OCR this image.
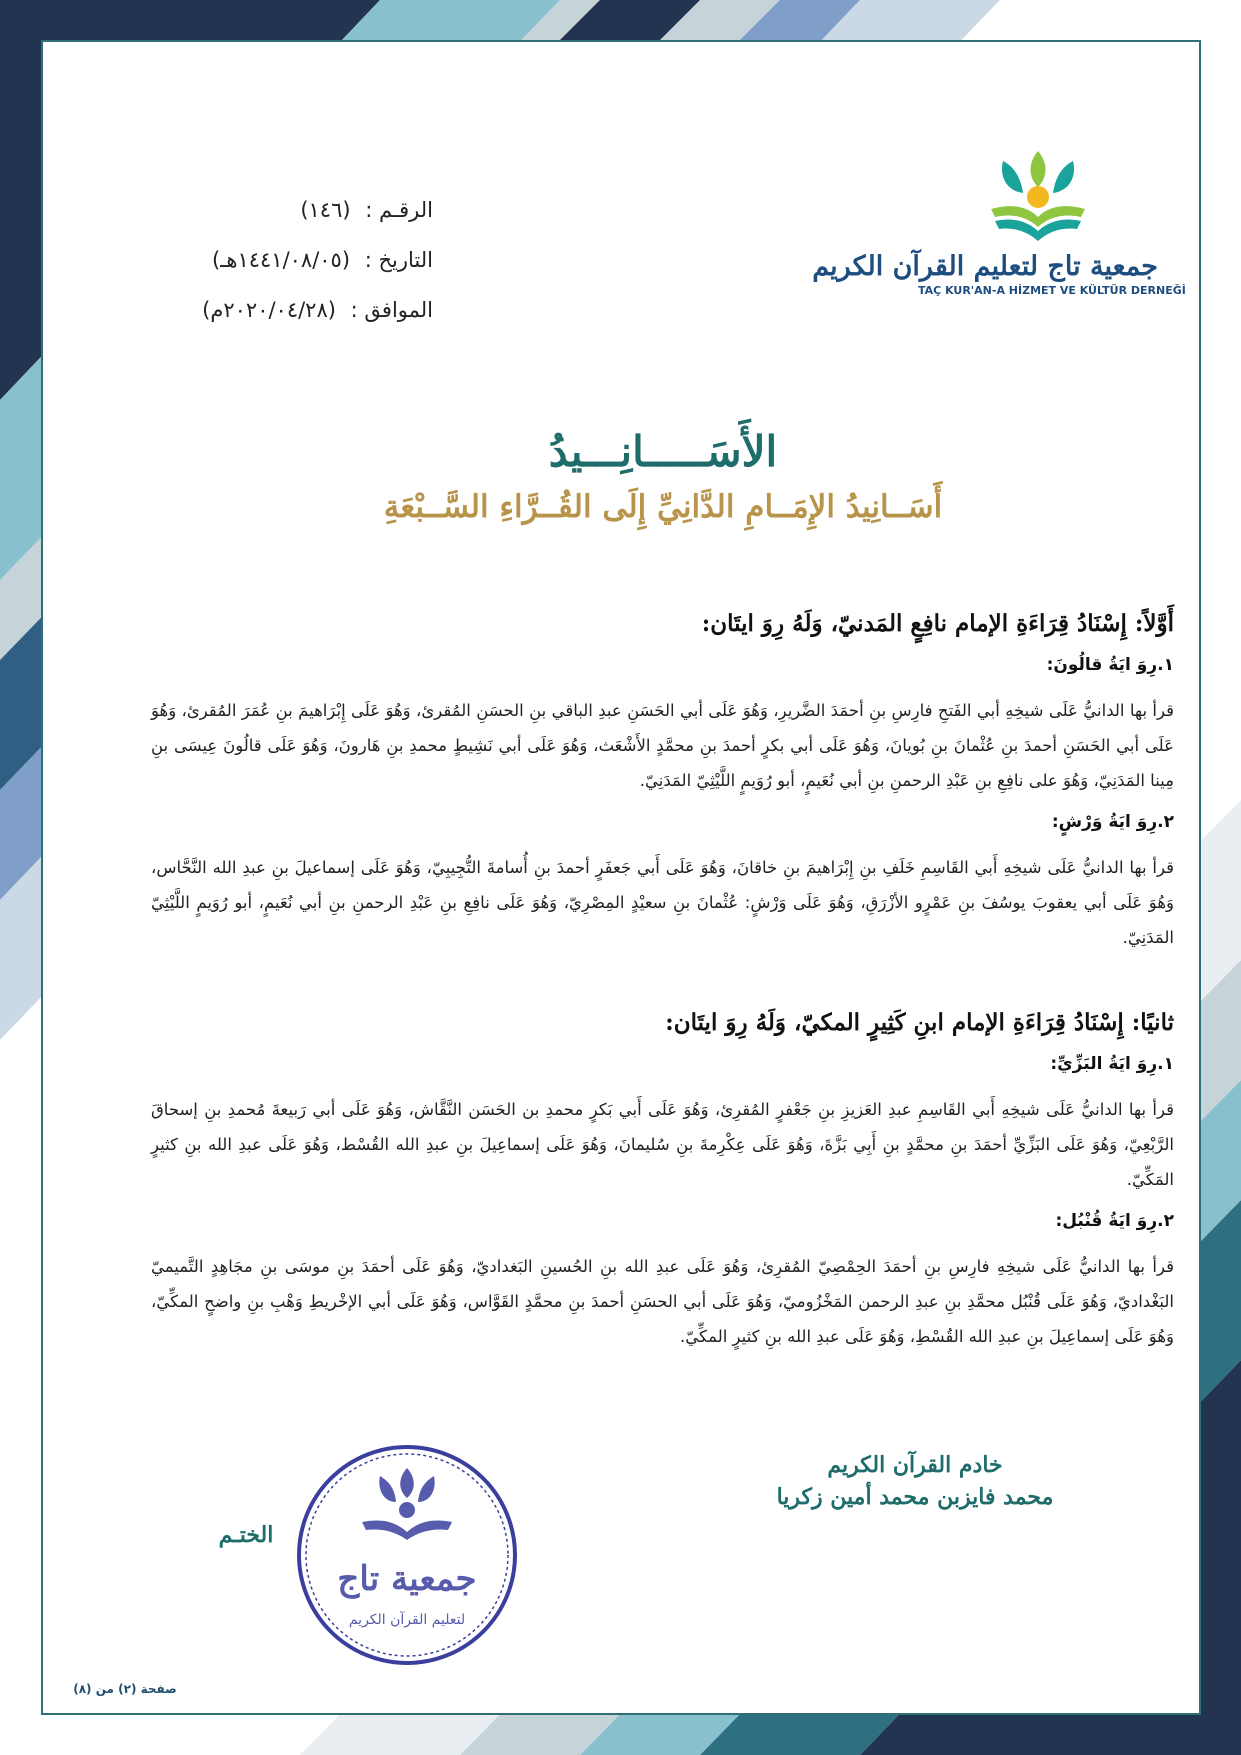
الرقـم : (١٤٦)
التاريخ : (١٤٤١/٠٨/٠٥هـ)
الموافق : (٢٠٢٠/٠٤/٢٨م)
جمعية تاج لتعليم القرآن الكريم
TAÇ KUR'AN-A HİZMET VE KÜLTÜR DERNEĞİ
الأَسَـــــانِـــيدُ
أَسَــانِيدُ الإِمَــامِ الدَّانِيِّ إِلَى القُــرَّاءِ السَّــبْعَةِ
أَوَّلاً: إِسْنَادُ قِرَاءَةِ الإمام نافِعٍ المَدنيّ، وَلَهُ رِوَ ايتَان:
١.رِوَ ايَةُ قالُونَ:

قرأ بها الدانيُّ عَلَى شيخِهِ أبي الفَتحِ فارِسِ بنِ أحمَدَ الضَّريرِ، وَهُوَ عَلَى أبي الحَسَنِ عبدِ الباقي بنِ الحسَنِ المُقرئ، وَهُوَ عَلَى إِبْرَاهيمَ بنِ عُمَرَ المُقرئ، وَهُوَ عَلَى أبي الحَسَنِ أحمدَ بنِ عُثْمانَ بنِ بُويانَ، وَهُوَ عَلَى أبي بكرٍ أحمدَ بنِ محمَّدٍ الأَشْعَث، وَهُوَ عَلَى أبي نَشِيطٍ محمدِ بنِ هَارونَ، وَهُوَ عَلَى قالُونَ عِيسَى بنِ مِينا المَدَنِيّ، وَهُوَ على نافِعِ بنِ عَبْدِ الرحمنِ بنِ أبي نُعَيمٍ، أبو رُوَيمٍ اللَّيْثِيّ المَدَنِيّ.

٢.رِوَ ايَةُ وَرْشٍ:

قرأ بها الدانيُّ عَلَى شيخِهِ أَبي القَاسِمِ خَلَفِ بنِ إِبْرَاهيمَ بنِ خاقانَ، وَهُوَ عَلَى أَبي جَعفَرٍ أحمدَ بنِ أُسامةَ التُّجِيبِيّ، وَهُوَ عَلَى إسماعيلَ بنِ عبدِ الله النَّحَّاس، وَهُوَ عَلَى أبي يعقوبَ يوسُفَ بنِ عَمْرٍو الأزْرَقِ، وَهُوَ عَلَى وَرْشٍ: عُثْمانَ بنِ سعيْدٍ المِصْرِيّ، وَهُوَ عَلَى نافِعِ بنِ عَبْدِ الرحمنِ بنِ أبي نُعَيمٍ، أبو رُوَيمٍ اللَّيْثِيّ المَدَنِيّ.

ثانيًا: إِسْنَادُ قِرَاءَةِ الإمام ابنِ كَثِيرٍ المكيّ، وَلَهُ رِوَ ايتَان:
١.رِوَ ايَةُ البَزِّيِّ:

قرأ بها الدانيُّ عَلَى شيخِهِ أَبي القَاسِمِ عبدِ العَزيزِ بنِ جَعْفرٍ المُقرِئ، وَهُوَ عَلَى أَبي بَكرٍ محمدِ بن الحَسَن النَّقَّاش، وَهُوَ عَلَى أبي رَبيعةَ مُحمدِ بنِ إسحاقَ الرَّبْعِيّ، وَهُوَ عَلَى البَزِّيِّ أحمَدَ بنِ محمَّدٍ بنِ أَبِي بَزَّةَ، وَهُوَ عَلَى عِكْرِمةَ بنِ سُليمانَ، وَهُوَ عَلَى إسماعِيلَ بنِ عبدِ الله القُسْط، وَهُوَ عَلَى عبدِ الله بنِ كثيرٍ المَكِّيّ.

٢.رِوَ ايَةُ قُنْبُل:

قرأ بها الدانيُّ عَلَى شيخِهِ فارِسِ بنِ أحمَدَ الحِمْصِيّ المُقرِئ، وَهُوَ عَلَى عبدِ الله بنِ الحُسينِ البَغداديّ، وَهُوَ عَلَى أحمَدَ بنِ موسَى بنِ مجَاهِدٍ التَّميميّ البَغْداديّ، وَهُوَ عَلَى قُنْبُل محمَّدِ بنِ عبدِ الرحمن المَخْزُوميّ، وَهُوَ عَلَى أبي الحسَنِ أحمدَ بنِ محمَّدٍ القَوَّاس، وَهُوَ عَلَى أبي الإخْريطِ وَهْبِ بنِ واضحٍ المكِّيّ، وَهُوَ عَلَى إسماعِيلَ بنِ عبدِ الله القُسْطِ، وَهُوَ عَلَى عبدِ الله بنِ كثيرٍ المكِّيّ.

خادم القرآن الكريم
محمد فايزبن محمد أمين زكريا
الختـم
جمعية تاج
لتعليم القرآن الكريم
صفحة (٢) من (٨)
